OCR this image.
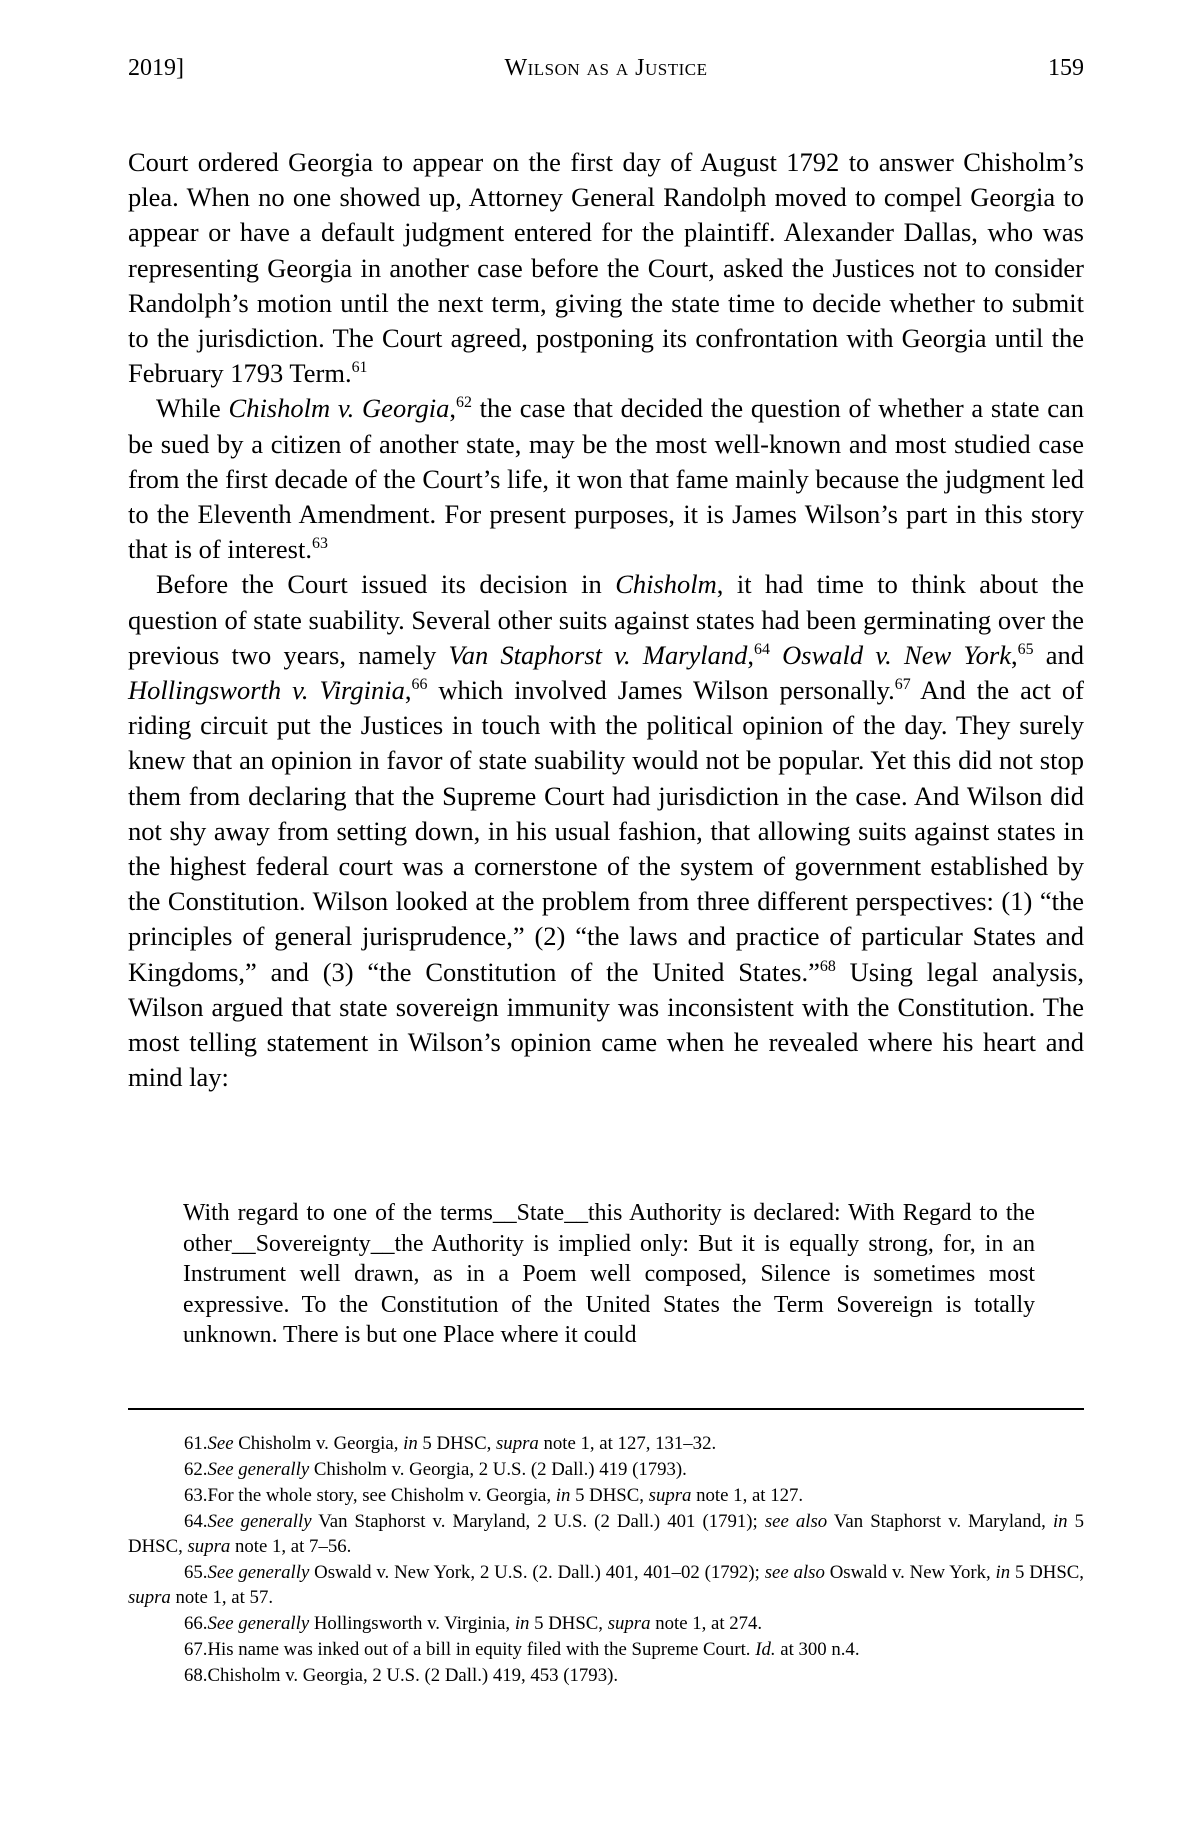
2019]	Wilson as a Justice	159

Court ordered Georgia to appear on the first day of August 1792 to answer Chisholm’s plea. When no one showed up, Attorney General Randolph moved to compel Georgia to appear or have a default judgment entered for the plaintiff. Alexander Dallas, who was representing Georgia in another case before the Court, asked the Justices not to consider Randolph’s motion until the next term, giving the state time to decide whether to submit to the jurisdiction. The Court agreed, postponing its confrontation with Georgia until the February 1793 Term.$^{61}$

While Chisholm v. Georgia,$^{62}$ the case that decided the question of whether a state can be sued by a citizen of another state, may be the most well-known and most studied case from the first decade of the Court’s life, it won that fame mainly because the judgment led to the Eleventh Amendment. For present purposes, it is James Wilson’s part in this story that is of interest.$^{63}$

Before the Court issued its decision in Chisholm, it had time to think about the question of state suability. Several other suits against states had been germinating over the previous two years, namely Van Staphorst v. Maryland,$^{64}$ Oswald v. New York,$^{65}$ and Hollingsworth v. Virginia,$^{66}$ which involved James Wilson personally.$^{67}$ And the act of riding circuit put the Justices in touch with the political opinion of the day. They surely knew that an opinion in favor of state suability would not be popular. Yet this did not stop them from declaring that the Supreme Court had jurisdiction in the case. And Wilson did not shy away from setting down, in his usual fashion, that allowing suits against states in the highest federal court was a cornerstone of the system of government established by the Constitution. Wilson looked at the problem from three different perspectives: (1) “the principles of general jurisprudence,” (2) “the laws and practice of particular States and Kingdoms,” and (3) “the Constitution of the United States.”$^{68}$ Using legal analysis, Wilson argued that state sovereign immunity was inconsistent with the Constitution. The most telling statement in Wilson’s opinion came when he revealed where his heart and mind lay:

With regard to one of the terms__State__this Authority is declared: With Regard to the other__Sovereignty__the Authority is implied only: But it is equally strong, for, in an Instrument well drawn, as in a Poem well composed, Silence is sometimes most expressive. To the Constitution of the United States the Term Sovereign is totally unknown. There is but one Place where it could

61.See Chisholm v. Georgia, in 5 DHSC, supra note 1, at 127, 131–32.

62.See generally Chisholm v. Georgia, 2 U.S. (2 Dall.) 419 (1793).

63.For the whole story, see Chisholm v. Georgia, in 5 DHSC, supra note 1, at 127.

64.See generally Van Staphorst v. Maryland, 2 U.S. (2 Dall.) 401 (1791); see also Van Staphorst v. Maryland, in 5 DHSC, supra note 1, at 7–56.

65.See generally Oswald v. New York, 2 U.S. (2. Dall.) 401, 401–02 (1792); see also Oswald v. New York, in 5 DHSC, supra note 1, at 57.

66.See generally Hollingsworth v. Virginia, in 5 DHSC, supra note 1, at 274.

67.His name was inked out of a bill in equity filed with the Supreme Court. Id. at 300 n.4.

68.Chisholm v. Georgia, 2 U.S. (2 Dall.) 419, 453 (1793).
